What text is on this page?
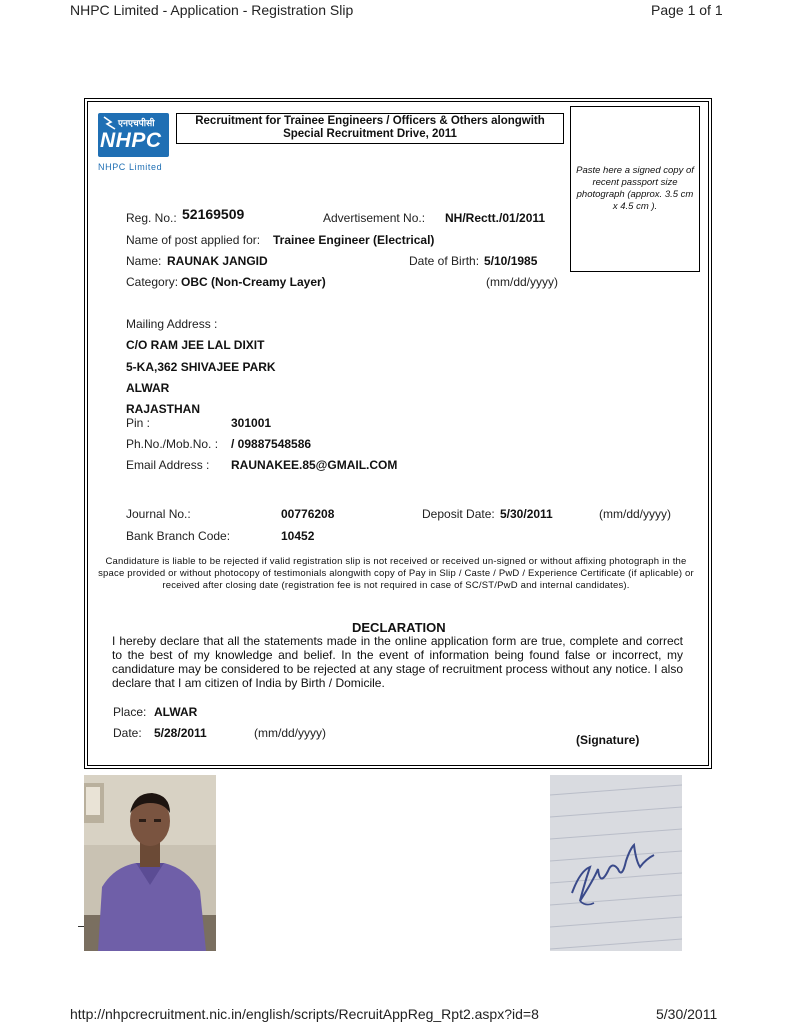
NHPC Limited - Application - Registration Slip	Page 1 of 1
एनएचपीसी
NHPC
NHPC Limited
Recruitment for Trainee Engineers / Officers & Others alongwith
Special Recruitment Drive, 2011
Paste here a signed copy of recent passport size photograph (approx. 3.5 cm x 4.5 cm ).
Reg. No.: 52169509	Advertisement No.: NH/Rectt./01/2011
Name of post applied for: Trainee Engineer (Electrical)
Name: RAUNAK JANGID	Date of Birth: 5/10/1985
Category: OBC (Non-Creamy Layer)	(mm/dd/yyyy)
Mailing Address :
C/O RAM JEE LAL DIXIT
5-KA,362 SHIVAJEE PARK
ALWAR
RAJASTHAN
Pin :	301001
Ph.No./Mob.No. : / 09887548586
Email Address : RAUNAKEE.85@GMAIL.COM
Journal No.:	00776208	Deposit Date: 5/30/2011	(mm/dd/yyyy)
Bank Branch Code:	10452
Candidature is liable to be rejected if valid registration slip is not received or received un-signed or without affixing photograph in the space provided or without photocopy of testimonials alongwith copy of Pay in Slip / Caste / PwD / Experience Certificate (if aplicable) or received after closing date (registration fee is not required in case of SC/ST/PwD and internal candidates).
DECLARATION
I hereby declare that all the statements made in the online application form are true, complete and correct to the best of my knowledge and belief. In the event of information being found false or incorrect, my candidature may be considered to be rejected at any stage of recruitment process without any notice. I also declare that I am citizen of India by Birth / Domicile.
Place: ALWAR
Date: 5/28/2011	(mm/dd/yyyy)	(Signature)
http://nhpcrecruitment.nic.in/english/scripts/RecruitAppReg_Rpt2.aspx?id=8	5/30/2011
